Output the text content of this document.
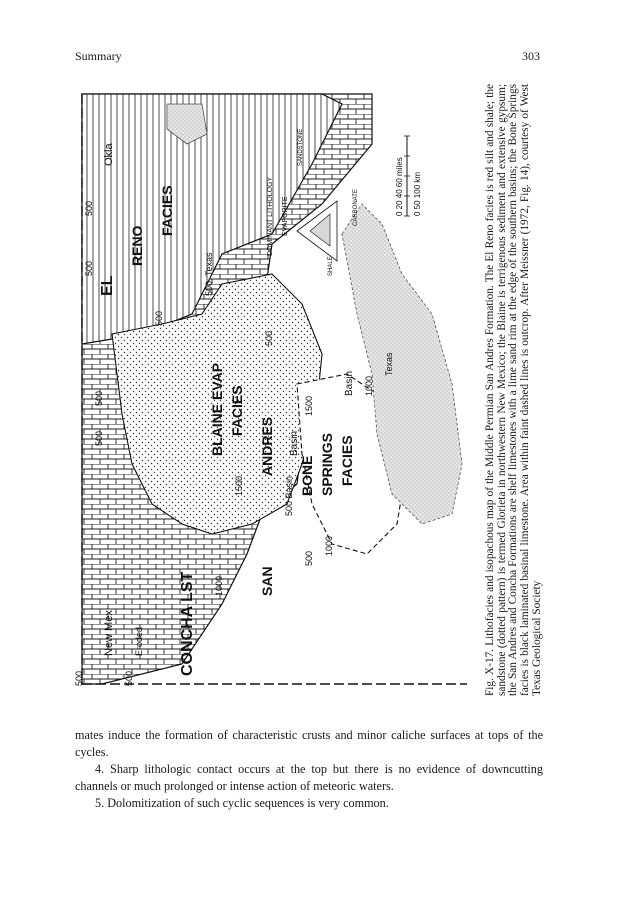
Summary	303
Okla
New Mex
Texas
Texas
Eroded CONCHA LST	SAN
ANDRES
BLAINE EVAP FACIES
EL
RENO
FACIES
BONE SPRINGS FACIES
Basin
Basin
500 Basin
500
500
500	500
500
500
1000
1000
1500
1500
500
1000
500
500
500
DOMINANT LITHOLOGY EVAPORITE
SANDSTONE
SHALE
CARBONATE	0 20 40 60 miles 0 50 100 km	Fig. X-17. Lithofacies and isopachous map of the Middle Permian San Andres Formation. The El Reno facies is red silt and shale; the sandstone (dotted pattern) is termed Glorieta in northwestern New Mexico; the Blaine is terrigenous sediment and extensive gypsum; the San Andres and Concha Formations are shelf limestones with a lime sand rim at the edge of the southern basins; the Bone Springs facies is black laminated basinal limestone. Area within faint dashed lines is outcrop. After Meissner (1972, Fig. 14), courtesy of West Texas Geological Society

mates induce the formation of characteristic crusts and minor caliche surfaces at tops of the cycles.

4. Sharp lithologic contact occurs at the top but there is no evidence of downcutting channels or much prolonged or intense action of meteoric waters.

5. Dolomitization of such cyclic sequences is very common.
